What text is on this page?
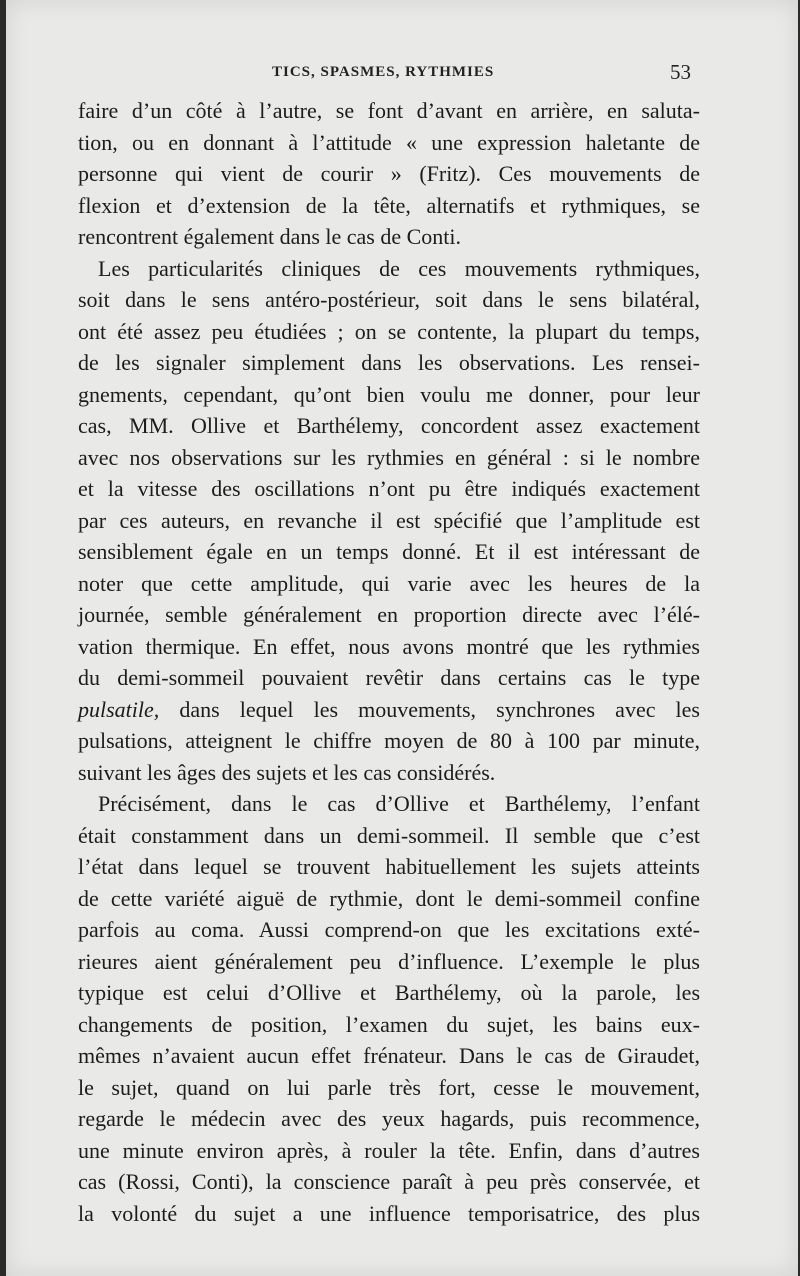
TICS, SPASMES, RYTHMIES	53

faire d’un côté à l’autre, se font d’avant en arrière, en saluta-
tion, ou en donnant à l’attitude « une expression haletante de
personne qui vient de courir » (Fritz). Ces mouvements de
flexion et d’extension de la tête, alternatifs et rythmiques, se
rencontrent également dans le cas de Conti.

Les particularités cliniques de ces mouvements rythmiques,
soit dans le sens antéro-postérieur, soit dans le sens bilatéral,
ont été assez peu étudiées ; on se contente, la plupart du temps,
de les signaler simplement dans les observations. Les rensei-
gnements, cependant, qu’ont bien voulu me donner, pour leur
cas, MM. Ollive et Barthélemy, concordent assez exactement
avec nos observations sur les rythmies en général : si le nombre
et la vitesse des oscillations n’ont pu être indiqués exactement
par ces auteurs, en revanche il est spécifié que l’amplitude est
sensiblement égale en un temps donné. Et il est intéressant de
noter que cette amplitude, qui varie avec les heures de la
journée, semble généralement en proportion directe avec l’élé-
vation thermique. En effet, nous avons montré que les rythmies
du demi-sommeil pouvaient revêtir dans certains cas le type
pulsatile, dans lequel les mouvements, synchrones avec les
pulsations, atteignent le chiffre moyen de 80 à 100 par minute,
suivant les âges des sujets et les cas considérés.

Précisément, dans le cas d’Ollive et Barthélemy, l’enfant
était constamment dans un demi-sommeil. Il semble que c’est
l’état dans lequel se trouvent habituellement les sujets atteints
de cette variété aiguë de rythmie, dont le demi-sommeil confine
parfois au coma. Aussi comprend-on que les excitations exté-
rieures aient généralement peu d’influence. L’exemple le plus
typique est celui d’Ollive et Barthélemy, où la parole, les
changements de position, l’examen du sujet, les bains eux-
mêmes n’avaient aucun effet frénateur. Dans le cas de Giraudet,
le sujet, quand on lui parle très fort, cesse le mouvement,
regarde le médecin avec des yeux hagards, puis recommence,
une minute environ après, à rouler la tête. Enfin, dans d’autres
cas (Rossi, Conti), la conscience paraît à peu près conservée, et
la volonté du sujet a une influence temporisatrice, des plus
